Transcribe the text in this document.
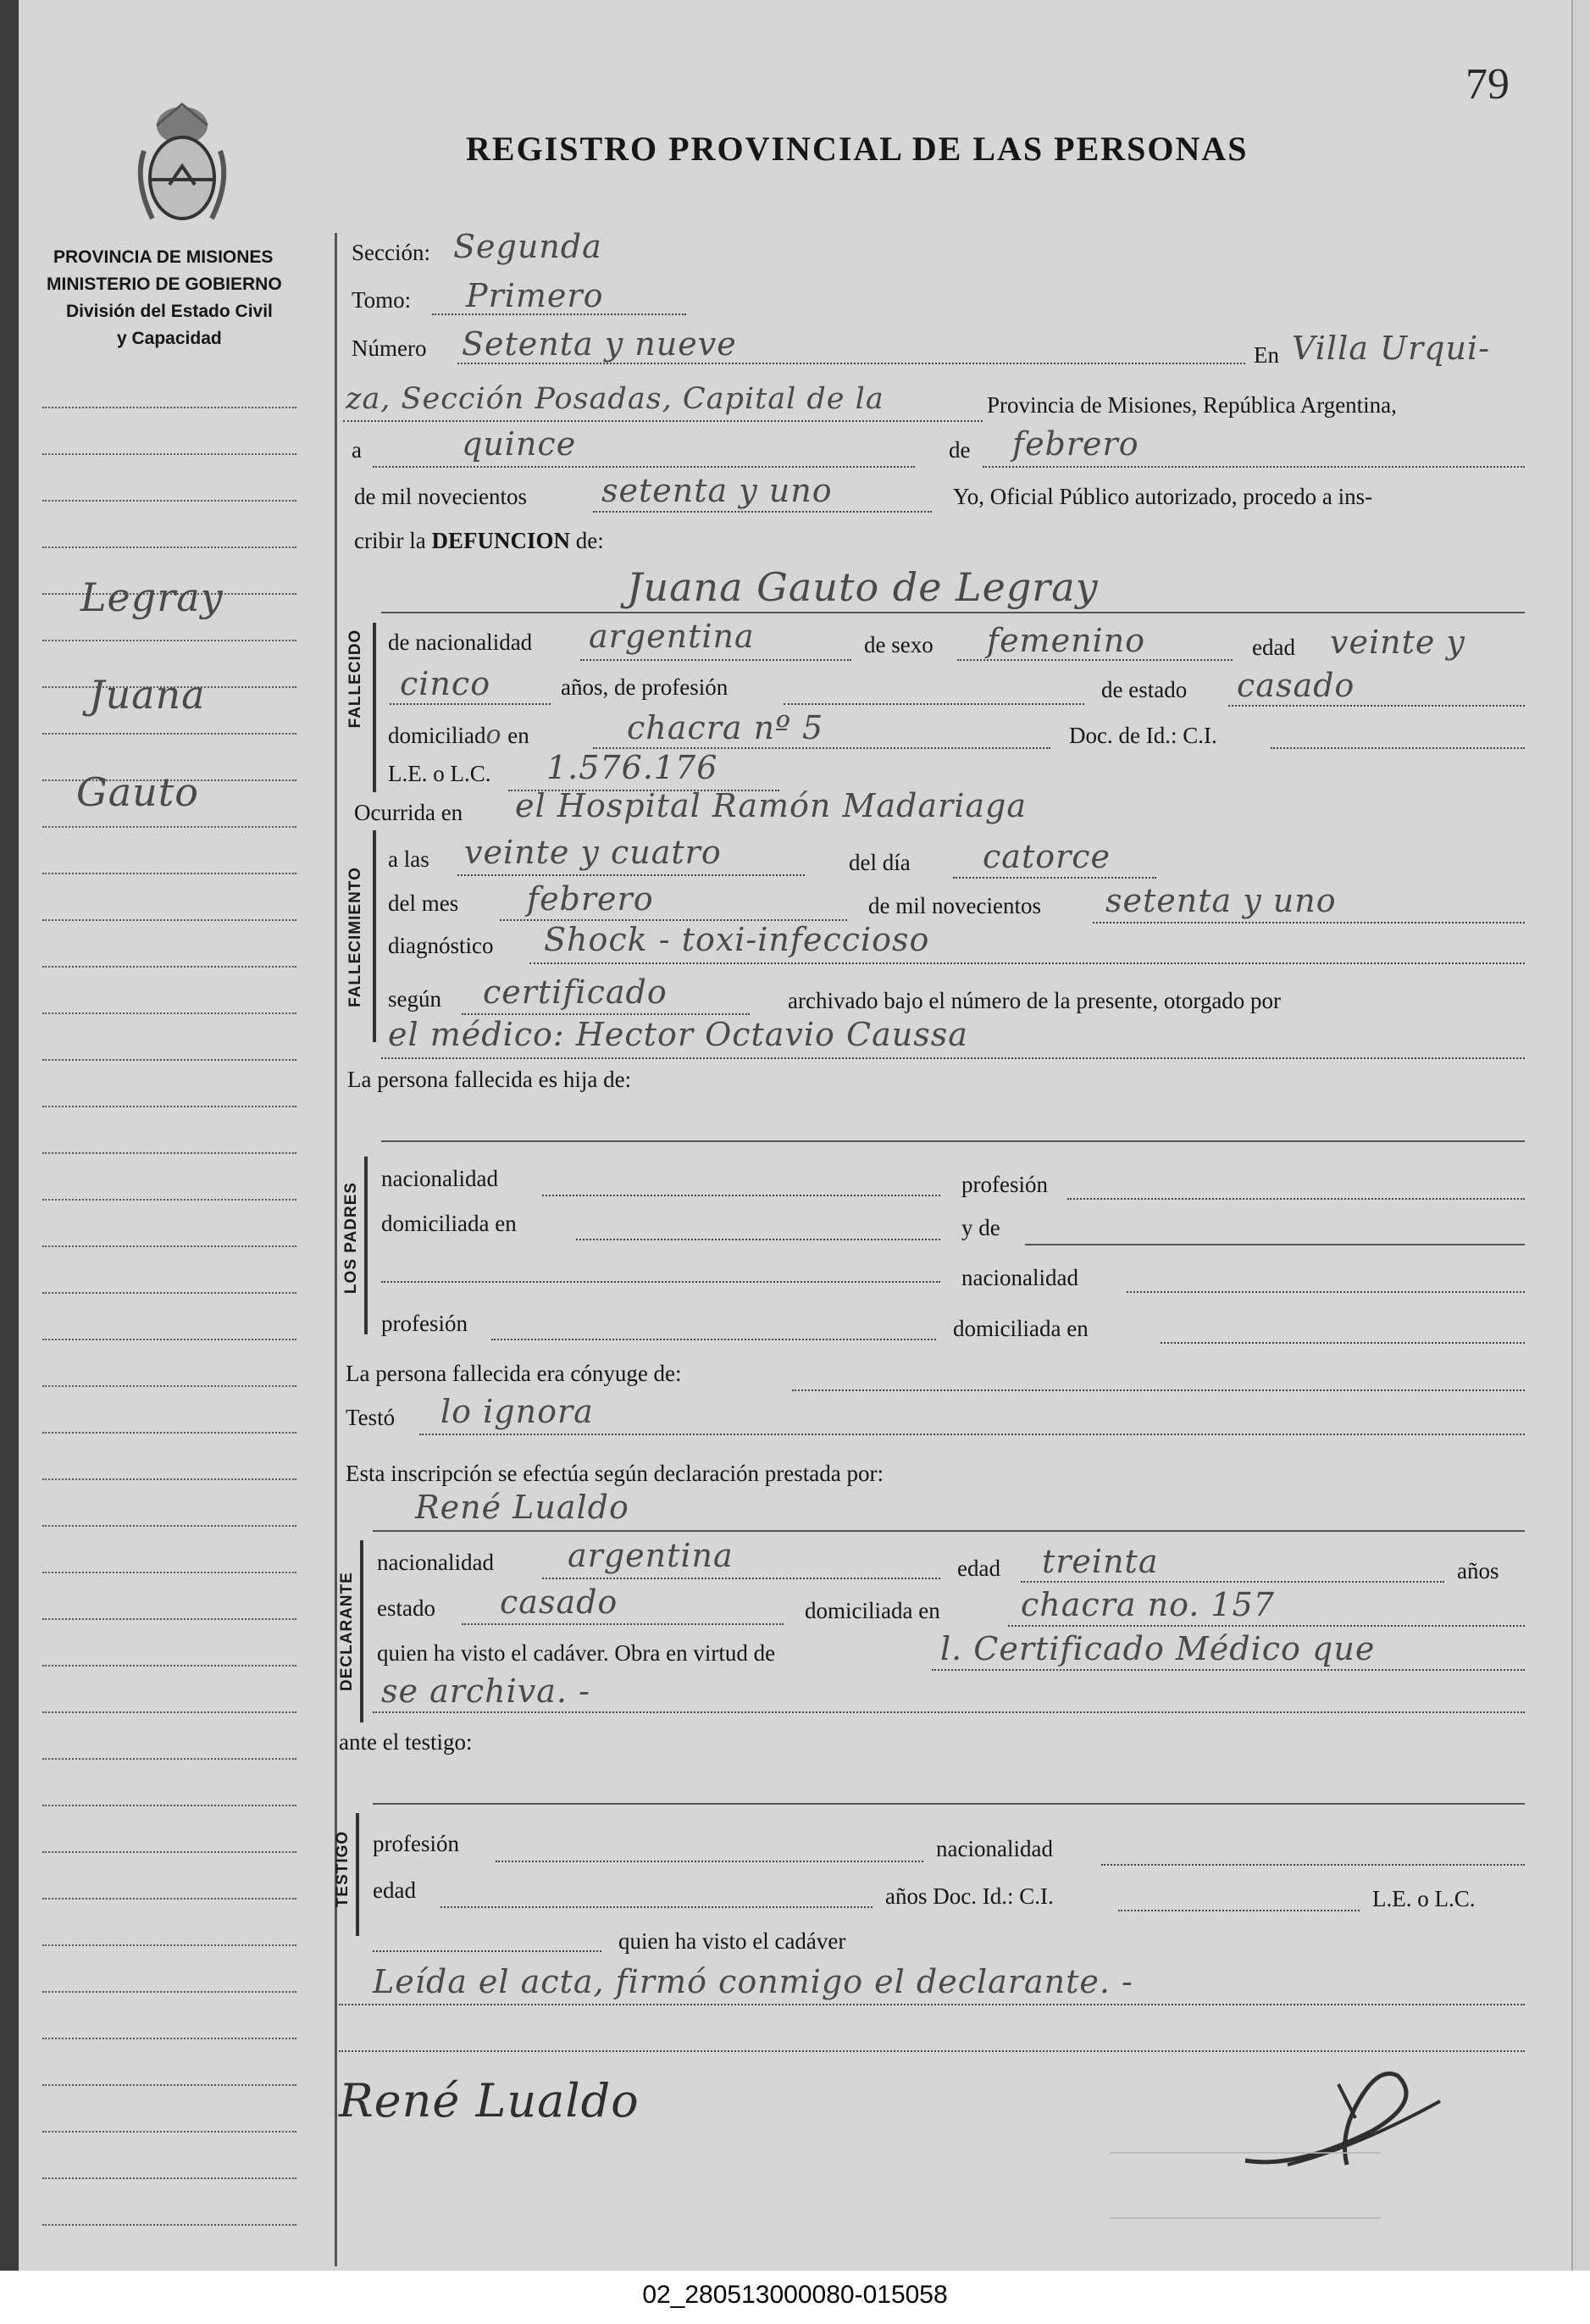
79
REGISTRO PROVINCIAL DE LAS PERSONAS
PROVINCIA DE MISIONES
MINISTERIO DE GOBIERNO
División del Estado Civil
y Capacidad
Legray
Juana
Gauto
Sección: Segunda
Tomo: Primero
Número Setenta y nueve	En Villa Urqui-
za, Sección Posadas, Capital de la	Provincia de Misiones, República Argentina,
a	quince	de febrero
de mil novecientos setenta y uno	Yo, Oficial Público autorizado, procedo a ins-
cribir la DEFUNCION de:
Juana Gauto de Legray
FALLECIDO de nacionalidad argentina	de sexo femenino	edad veinte y
cinco	años, de profesión	de estado casado
domiciliado en	chacra nº 5	Doc. de Id.: C.I.
L.E. o L.C. 1.576.176
Ocurrida en el Hospital Ramón Madariaga
FALLECIMIENTO
a las veinte y cuatro	del día catorce
del mes febrero	de mil novecientos setenta y uno
diagnóstico Shock - toxi-infeccioso
según certificado	archivado bajo el número de la presente, otorgado por
el médico: Hector Octavio Caussa
La persona fallecida es hija de:
LOS PADRES
nacionalidad	profesión
domiciliada en	y de
nacionalidad
profesión	domiciliada en
La persona fallecida era cónyuge de:
Testó lo ignora
Esta inscripción se efectúa según declaración prestada por:
René Lualdo
DECLARANTE
nacionalidad argentina	edad treinta	años
estado casado	domiciliada en	chacra no. 157
quien ha visto el cadáver. Obra en virtud de	l. Certificado Médico que
se archiva. -
ante el testigo:
TESTIGO profesión	nacionalidad
edad	años Doc. Id.: C.I.	L.E. o L.C.
quien ha visto el cadáver
Leída el acta, firmó conmigo el declarante. -
René Lualdo
02_280513000080-015058
